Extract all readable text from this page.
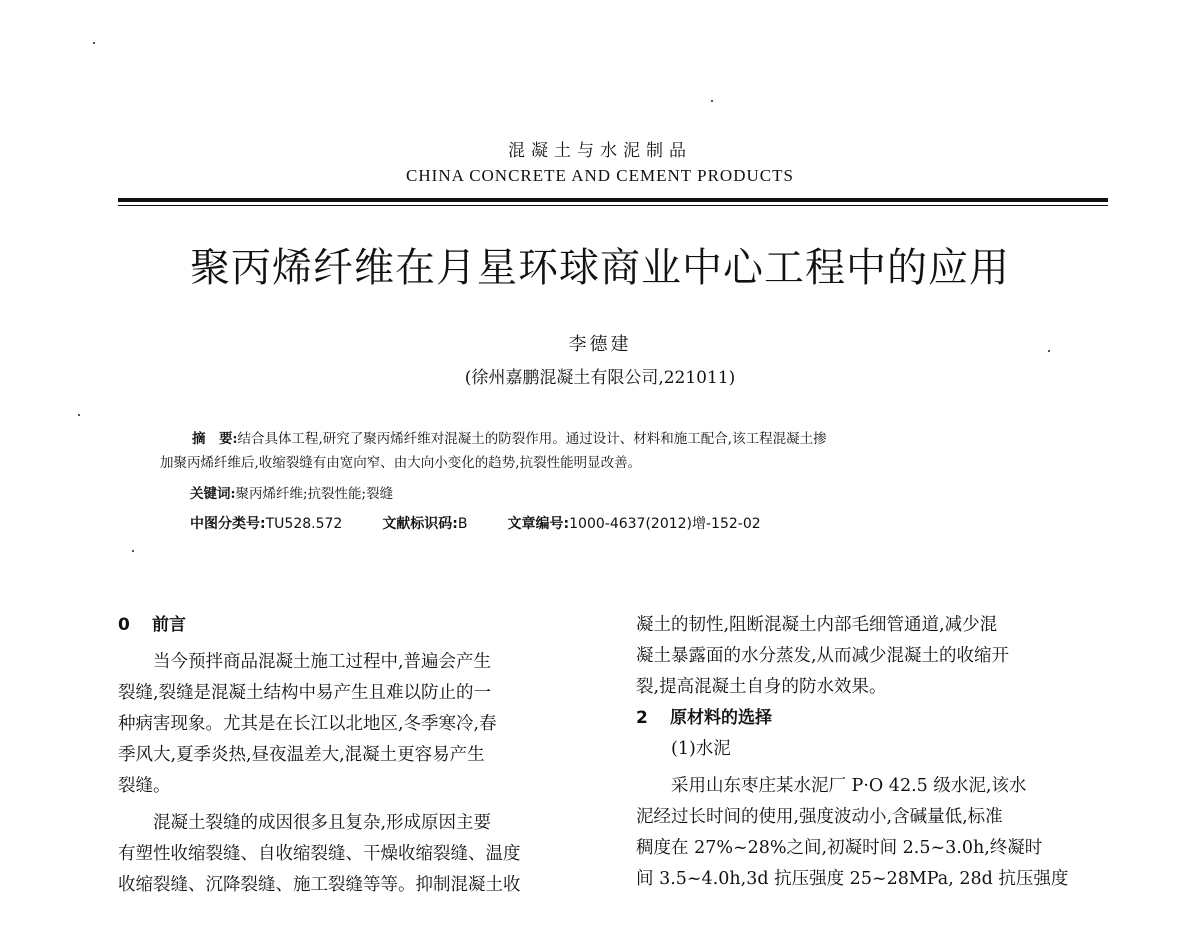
混凝土与水泥制品
CHINA CONCRETE AND CEMENT PRODUCTS
聚丙烯纤维在月星环球商业中心工程中的应用
李德建
(徐州嘉鹏混凝土有限公司,221011)
摘　要:结合具体工程,研究了聚丙烯纤维对混凝土的防裂作用。通过设计、材料和施工配合,该工程混凝土掺
加聚丙烯纤维后,收缩裂缝有由宽向窄、由大向小变化的趋势,抗裂性能明显改善。
关键词:聚丙烯纤维;抗裂性能;裂缝
中图分类号:TU528.572	文献标识码:B	文章编号:1000-4637(2012)增-152-02

0 前言

当今预拌商品混凝土施工过程中,普遍会产生

裂缝,裂缝是混凝土结构中易产生且难以防止的一

种病害现象。尤其是在长江以北地区,冬季寒冷,春

季风大,夏季炎热,昼夜温差大,混凝土更容易产生

裂缝。

混凝土裂缝的成因很多且复杂,形成原因主要

有塑性收缩裂缝、自收缩裂缝、干燥收缩裂缝、温度

收缩裂缝、沉降裂缝、施工裂缝等等。抑制混凝土收

凝土的韧性,阻断混凝土内部毛细管通道,减少混

凝土暴露面的水分蒸发,从而减少混凝土的收缩开

裂,提高混凝土自身的防水效果。

2 原材料的选择

(1)水泥

采用山东枣庄某水泥厂 P·O 42.5 级水泥,该水

泥经过长时间的使用,强度波动小,含碱量低,标准

稠度在 27%~28%之间,初凝时间 2.5~3.0h,终凝时

间 3.5~4.0h,3d 抗压强度 25~28MPa, 28d 抗压强度
